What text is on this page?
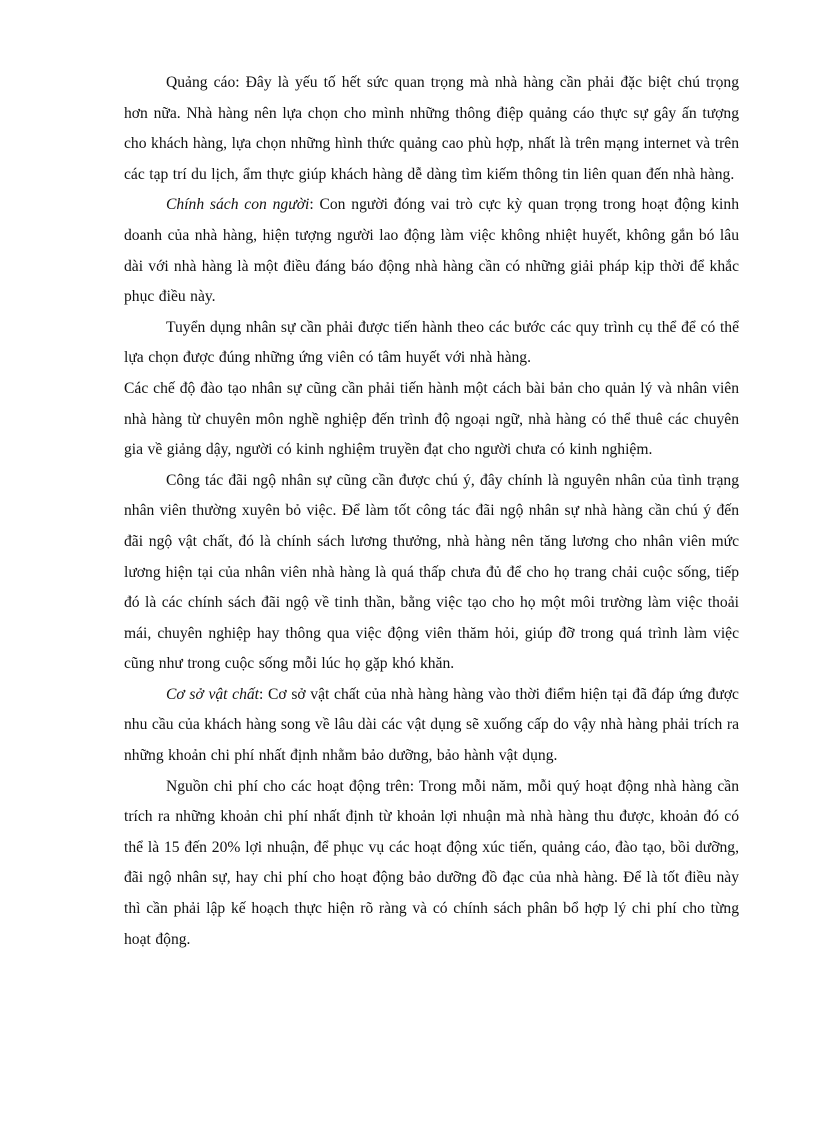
Quảng cáo: Đây là yếu tố hết sức quan trọng mà nhà hàng cần phải đặc biệt chú trọng hơn nữa. Nhà hàng nên lựa chọn cho mình những thông điệp quảng cáo thực sự gây ấn tượng cho khách hàng, lựa chọn những hình thức quảng cao phù hợp, nhất là trên mạng internet và trên các tạp trí du lịch, ẩm thực giúp khách hàng dễ dàng tìm kiếm thông tin liên quan đến nhà hàng.

Chính sách con người: Con người đóng vai trò cực kỳ quan trọng trong hoạt động kinh doanh của nhà hàng, hiện tượng người lao động làm việc không nhiệt huyết, không gắn bó lâu dài với nhà hàng là một điều đáng báo động nhà hàng cần có những giải pháp kịp thời để khắc phục điều này.

Tuyển dụng nhân sự cần phải được tiến hành theo các bước các quy trình cụ thể để có thể lựa chọn được đúng những ứng viên có tâm huyết với nhà hàng.

Các chế độ đào tạo nhân sự cũng cần phải tiến hành một cách bài bản cho quản lý và nhân viên nhà hàng từ chuyên môn nghề nghiệp đến trình độ ngoại ngữ, nhà hàng có thể thuê các chuyên gia về giảng dậy, người có kinh nghiệm truyền đạt cho người chưa có kinh nghiệm.

Công tác đãi ngộ nhân sự cũng cần được chú ý, đây chính là nguyên nhân của tình trạng nhân viên thường xuyên bỏ việc. Để làm tốt công tác đãi ngộ nhân sự nhà hàng cần chú ý đến đãi ngộ vật chất, đó là chính sách lương thưởng, nhà hàng nên tăng lương cho nhân viên mức lương hiện tại của nhân viên nhà hàng là quá thấp chưa đủ để cho họ trang chải cuộc sống, tiếp đó là các chính sách đãi ngộ về tinh thần, bằng việc tạo cho họ một môi trường làm việc thoải mái, chuyên nghiệp hay thông qua việc động viên thăm hỏi, giúp đỡ trong quá trình làm việc cũng như trong cuộc sống mỗi lúc họ gặp khó khăn.

Cơ sở vật chất: Cơ sở vật chất của nhà hàng hàng vào thời điểm hiện tại đã đáp ứng được nhu cầu của khách hàng song về lâu dài các vật dụng sẽ xuống cấp do vậy nhà hàng phải trích ra những khoản chi phí nhất định nhằm bảo dưỡng, bảo hành vật dụng.

Nguồn chi phí cho các hoạt động trên: Trong mỗi năm, mỗi quý hoạt động nhà hàng cần trích ra những khoản chi phí nhất định từ khoản lợi nhuận mà nhà hàng thu được, khoản đó có thể là 15 đến 20% lợi nhuận, để phục vụ các hoạt động xúc tiến, quảng cáo, đào tạo, bồi dưỡng, đãi ngộ nhân sự, hay chi phí cho hoạt động bảo dưỡng đồ đạc của nhà hàng. Để là tốt điều này thì cần phải lập kế hoạch thực hiện rõ ràng và có chính sách phân bổ hợp lý chi phí cho từng hoạt động.
